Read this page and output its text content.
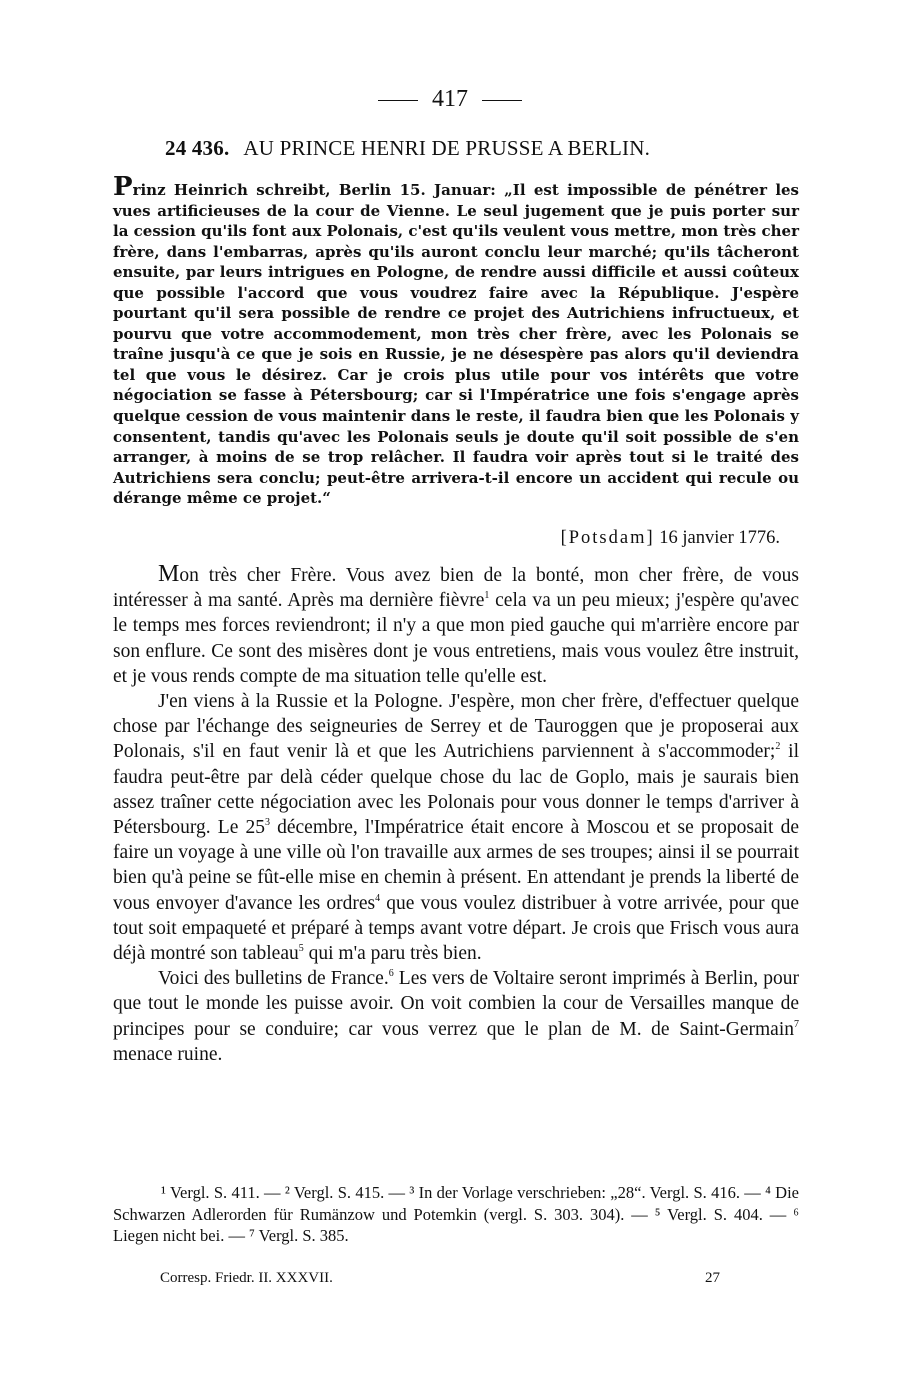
417
24 436. AU PRINCE HENRI DE PRUSSE A BERLIN.
Prinz Heinrich schreibt, Berlin 15. Januar: „Il est impossible de pénétrer les vues artificieuses de la cour de Vienne. Le seul jugement que je puis porter sur la cession qu'ils font aux Polonais, c'est qu'ils veulent vous mettre, mon très cher frère, dans l'embarras, après qu'ils auront conclu leur marché; qu'ils tâcheront ensuite, par leurs intrigues en Pologne, de rendre aussi difficile et aussi coûteux que possible l'accord que vous voudrez faire avec la République. J'espère pourtant qu'il sera possible de rendre ce projet des Autrichiens infructueux, et pourvu que votre accommodement, mon très cher frère, avec les Polonais se traîne jusqu'à ce que je sois en Russie, je ne désespère pas alors qu'il deviendra tel que vous le désirez. Car je crois plus utile pour vos intérêts que votre négociation se fasse à Pétersbourg; car si l'Impératrice une fois s'engage après quelque cession de vous maintenir dans le reste, il faudra bien que les Polonais y consentent, tandis qu'avec les Polonais seuls je doute qu'il soit possible de s'en arranger, à moins de se trop relâcher. Il faudra voir après tout si le traité des Autrichiens sera conclu; peut-être arrivera-t-il encore un accident qui recule ou dérange même ce projet.“
[Potsdam] 16 janvier 1776.

Mon très cher Frère. Vous avez bien de la bonté, mon cher frère, de vous intéresser à ma santé. Après ma dernière fièvre$^1$ cela va un peu mieux; j'espère qu'avec le temps mes forces reviendront; il n'y a que mon pied gauche qui m'arrière encore par son enflure. Ce sont des misères dont je vous entretiens, mais vous voulez être instruit, et je vous rends compte de ma situation telle qu'elle est.

J'en viens à la Russie et la Pologne. J'espère, mon cher frère, d'effectuer quelque chose par l'échange des seigneuries de Serrey et de Tauroggen que je proposerai aux Polonais, s'il en faut venir là et que les Autrichiens parviennent à s'accommoder;$^2$ il faudra peut-être par delà céder quelque chose du lac de Goplo, mais je saurais bien assez traîner cette négociation avec les Polonais pour vous donner le temps d'arriver à Pétersbourg. Le $25^3$ décembre, l'Impératrice était encore à Moscou et se proposait de faire un voyage à une ville où l'on travaille aux armes de ses troupes; ainsi il se pourrait bien qu'à peine se fût-elle mise en chemin à présent. En attendant je prends la liberté de vous envoyer d'avance les ordres$^4$ que vous voulez distribuer à votre arrivée, pour que tout soit empaqueté et préparé à temps avant votre départ. Je crois que Frisch vous aura déjà montré son tableau$^5$ qui m'a paru très bien.

Voici des bulletins de France.$^6$ Les vers de Voltaire seront imprimés à Berlin, pour que tout le monde les puisse avoir. On voit combien la cour de Versailles manque de principes pour se conduire; car vous verrez que le plan de M. de Saint-Germain$^7$ menace ruine.

¹ Vergl. S. 411. — ² Vergl. S. 415. — ³ In der Vorlage verschrieben: „28“. Vergl. S. 416. — ⁴ Die Schwarzen Adlerorden für Rumänzow und Potemkin (vergl. S. 303. 304). — ⁵ Vergl. S. 404. — ⁶ Liegen nicht bei. — ⁷ Vergl. S. 385.

Corresp. Friedr. II. XXXVII.	27
